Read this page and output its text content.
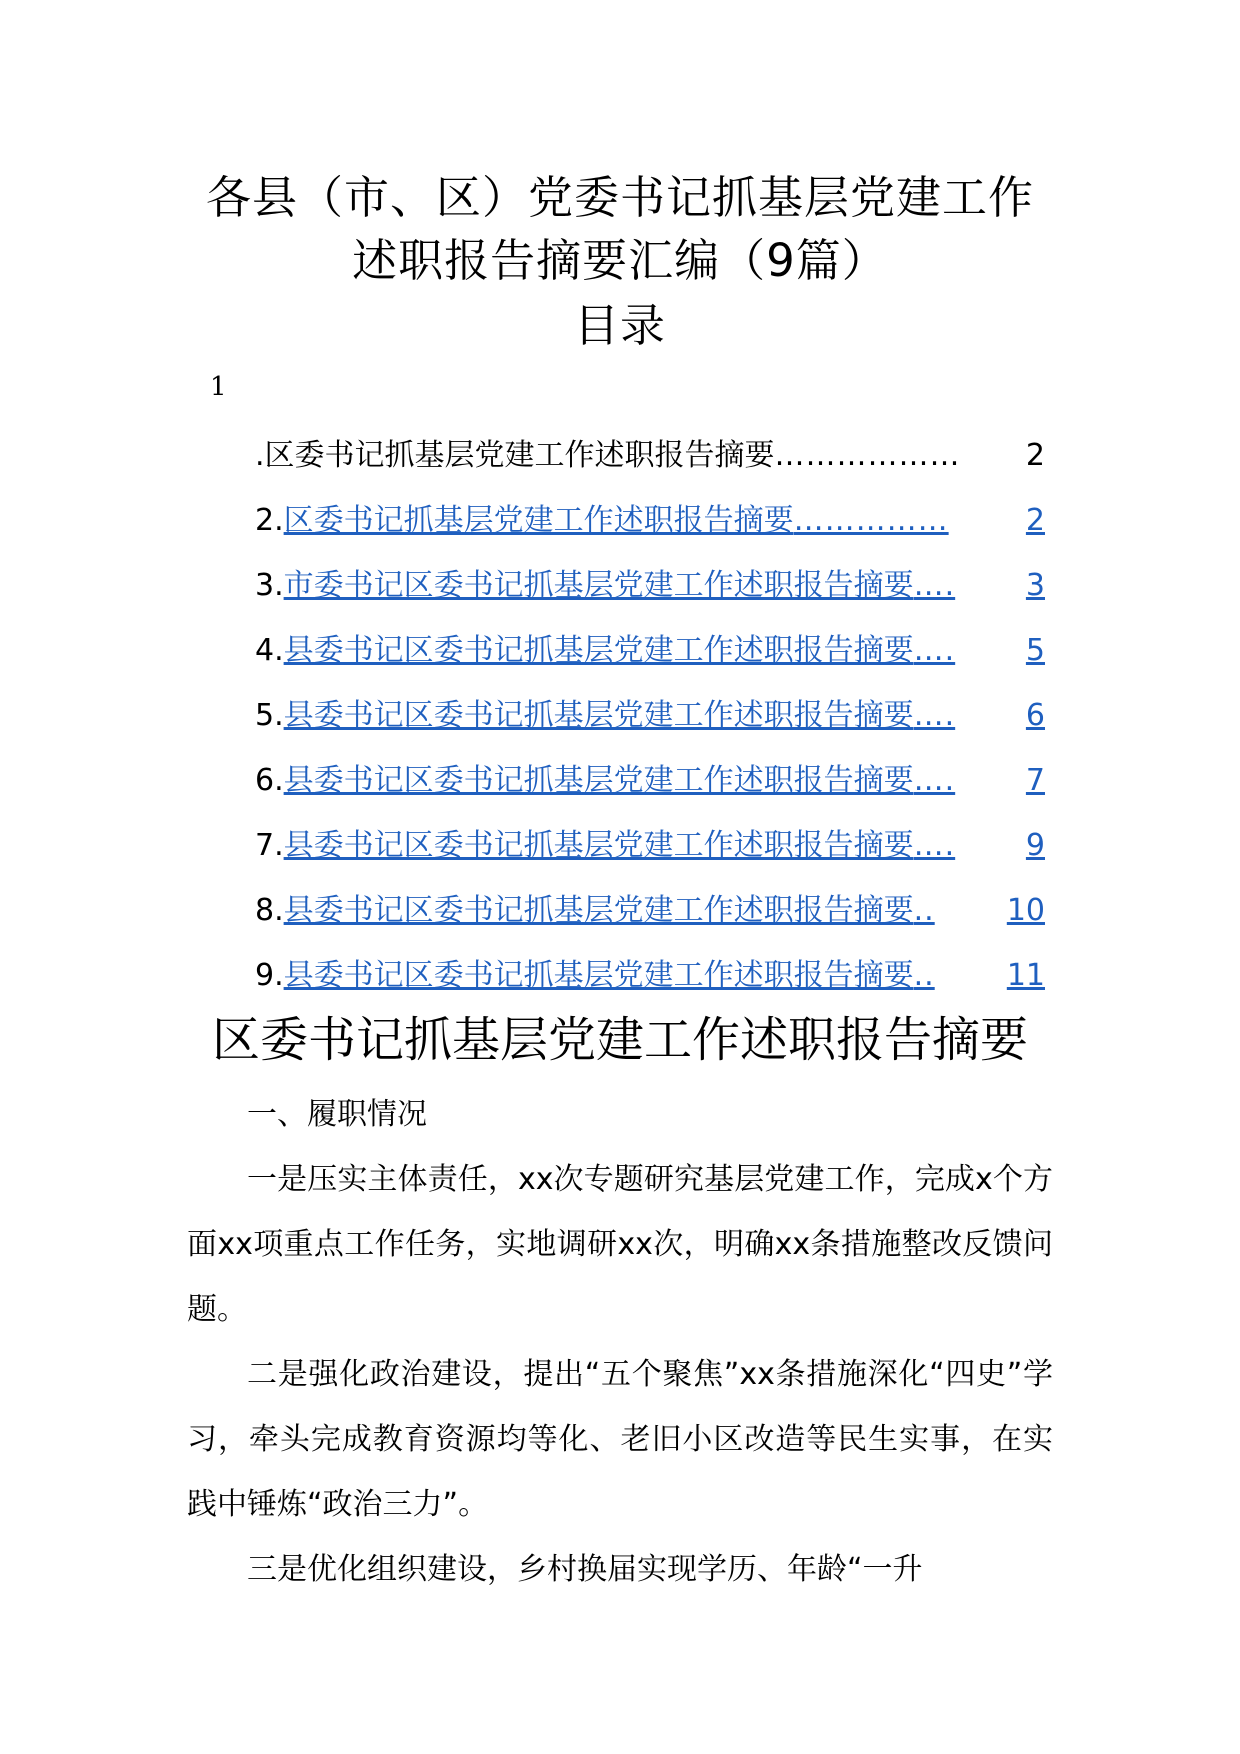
各县（市、区）党委书记抓基层党建工作
述职报告摘要汇编（9篇）
目录
1
. 区委书记抓基层党建工作述职报告摘要 ………………	2
2. 区委书记抓基层党建工作述职报告摘要 ……………	2
3. 市委书记区委书记抓基层党建工作述职报告摘要 ….	3
4. 县委书记区委书记抓基层党建工作述职报告摘要 ….	5
5. 县委书记区委书记抓基层党建工作述职报告摘要 ….	6
6. 县委书记区委书记抓基层党建工作述职报告摘要 ….	7
7. 县委书记区委书记抓基层党建工作述职报告摘要 ….	9
8. 县委书记区委书记抓基层党建工作述职报告摘要 ..	10
9. 县委书记区委书记抓基层党建工作述职报告摘要 ..	11
区委书记抓基层党建工作述职报告摘要

一、履职情况

一是压实主体责任，xx次专题研究基层党建工作，完成x个方面xx项重点工作任务，实地调研xx次，明确xx条措施整改反馈问题。

二是强化政治建设，提出“五个聚焦”xx条措施深化“四史”学习，牵头完成教育资源均等化、老旧小区改造等民生实事，在实践中锤炼“政治三力”。

三是优化组织建设，乡村换届实现学历、年龄“一升
